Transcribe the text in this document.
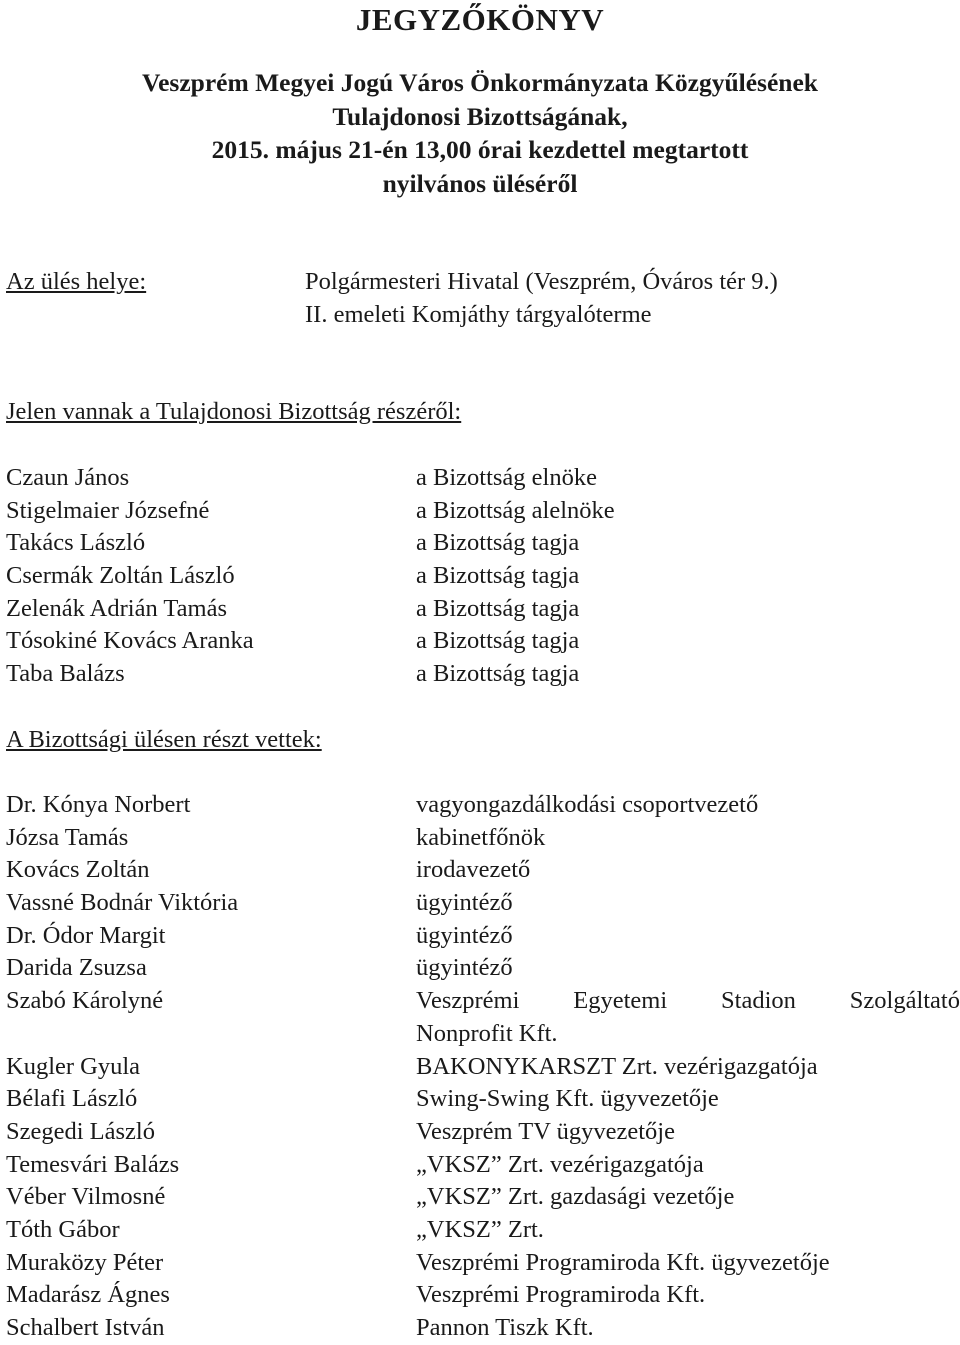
JEGYZŐKÖNYV
Veszprém Megyei Jogú Város Önkormányzata Közgyűlésének
Tulajdonosi Bizottságának,
2015. május 21-én 13,00 órai kezdettel megtartott
nyilvános üléséről
Az ülés helye:	Polgármesteri Hivatal (Veszprém, Óváros tér 9.)
II. emeleti Komjáthy tárgyalóterme
Jelen vannak a Tulajdonosi Bizottság részéről:
Czaun János	a Bizottság elnöke
Stigelmaier Józsefné	a Bizottság alelnöke
Takács László	a Bizottság tagja
Csermák Zoltán László	a Bizottság tagja
Zelenák Adrián Tamás	a Bizottság tagja
Tósokiné Kovács Aranka	a Bizottság tagja
Taba Balázs	a Bizottság tagja
A Bizottsági ülésen részt vettek:
Dr. Kónya Norbert	vagyongazdálkodási csoportvezető
Józsa Tamás	kabinetfőnök
Kovács Zoltán	irodavezető
Vassné Bodnár Viktória	ügyintéző
Dr. Ódor Margit	ügyintéző
Darida Zsuzsa	ügyintéző
Szabó Károlyné	Veszprémi Egyetemi Stadion Szolgáltató
Nonprofit Kft.
Kugler Gyula	BAKONYKARSZT Zrt. vezérigazgatója
Bélafi László	Swing-Swing Kft. ügyvezetője
Szegedi László	Veszprém TV ügyvezetője
Temesvári Balázs	„VKSZ” Zrt. vezérigazgatója
Véber Vilmosné	„VKSZ” Zrt. gazdasági vezetője
Tóth Gábor	„VKSZ” Zrt.
Muraközy Péter	Veszprémi Programiroda Kft. ügyvezetője
Madarász Ágnes	Veszprémi Programiroda Kft.
Schalbert István	Pannon Tiszk Kft.
